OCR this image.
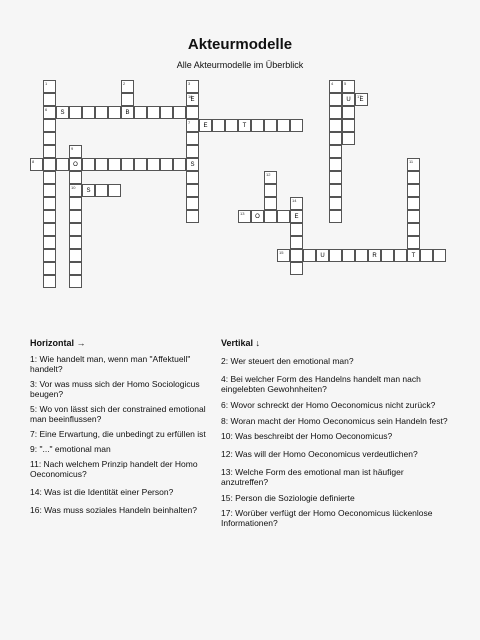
Akteurmodelle
Alle Akteurmodelle im Überblick
1
6
2
B
3
16
E
7
S
12
4	5
U
11
T
9
O
10
14
E
S
E	T
8
S
13
O
15
U	R
17
E
Horizontal →
1: Wie handelt man, wenn man "Affektuell" handelt?
3: Vor was muss sich der Homo Sociologicus beugen?
5: Wo von lässt sich der constrained emotional man beeinflussen?
7: Eine Erwartung, die unbedingt zu erfüllen ist
9: "..." emotional man
11: Nach welchem Prinzip handelt der Homo Oeconomicus?
14: Was ist die Identität einer Person?
16: Was muss soziales Handeln beinhalten?
Vertikal ↓
2: Wer steuert den emotional man?
4: Bei welcher Form des Handelns handelt man nach eingelebten Gewohnheiten?
6: Wovor schreckt der Homo Oeconomicus nicht zurück?
8: Woran macht der Homo Oeconomicus sein Handeln fest?
10: Was beschreibt der Homo Oeconomicus?
12: Was will der Homo Oeconomicus verdeutlichen?
13: Welche Form des emotional man ist häufiger anzutreffen?
15: Person die Soziologie definierte
17: Worüber verfügt der Homo Oeconomicus lückenlose Informationen?
